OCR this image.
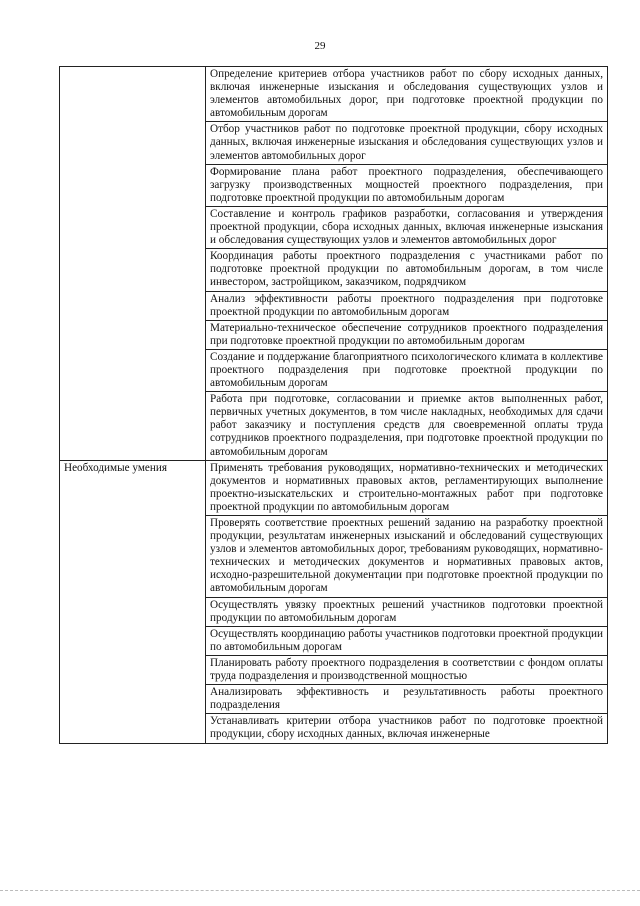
29
	Определение критериев отбора участников работ по сбору исходных данных, включая инженерные изыскания и обследования существующих узлов и элементов автомобильных дорог, при подготовке проектной продукции по автомобильным дорогам
	Отбор участников работ по подготовке проектной продукции, сбору исходных данных, включая инженерные изыскания и обследования существующих узлов и элементов автомобильных дорог
	Формирование плана работ проектного подразделения, обеспечивающего загрузку производственных мощностей проектного подразделения, при подготовке проектной продукции по автомобильным дорогам
	Составление и контроль графиков разработки, согласования и утверждения проектной продукции, сбора исходных данных, включая инженерные изыскания и обследования существующих узлов и элементов автомобильных дорог
	Координация работы проектного подразделения с участниками работ по подготовке проектной продукции по автомобильным дорогам, в том числе инвестором, застройщиком, заказчиком, подрядчиком
	Анализ эффективности работы проектного подразделения при подготовке проектной продукции по автомобильным дорогам
	Материально-техническое обеспечение сотрудников проектного подразделения при подготовке проектной продукции по автомобильным дорогам
	Создание и поддержание благоприятного психологического климата в коллективе проектного подразделения при подготовке проектной продукции по автомобильным дорогам
	Работа при подготовке, согласовании и приемке актов выполненных работ, первичных учетных документов, в том числе накладных, необходимых для сдачи работ заказчику и поступления средств для своевременной оплаты труда сотрудников проектного подразделения, при подготовке проектной продукции по автомобильным дорогам
Необходимые умения	Применять требования руководящих, нормативно-технических и методических документов и нормативных правовых актов, регламентирующих выполнение проектно-изыскательских и строительно-монтажных работ при подготовке проектной продукции по автомобильным дорогам
	Проверять соответствие проектных решений заданию на разработку проектной продукции, результатам инженерных изысканий и обследований существующих узлов и элементов автомобильных дорог, требованиям руководящих, нормативно-технических и методических документов и нормативных правовых актов, исходно-разрешительной документации при подготовке проектной продукции по автомобильным дорогам
	Осуществлять увязку проектных решений участников подготовки проектной продукции по автомобильным дорогам
	Осуществлять координацию работы участников подготовки проектной продукции по автомобильным дорогам
	Планировать работу проектного подразделения в соответствии с фондом оплаты труда подразделения и производственной мощностью
	Анализировать эффективность и результативность работы проектного подразделения
	Устанавливать критерии отбора участников работ по подготовке проектной продукции, сбору исходных данных, включая инженерные
